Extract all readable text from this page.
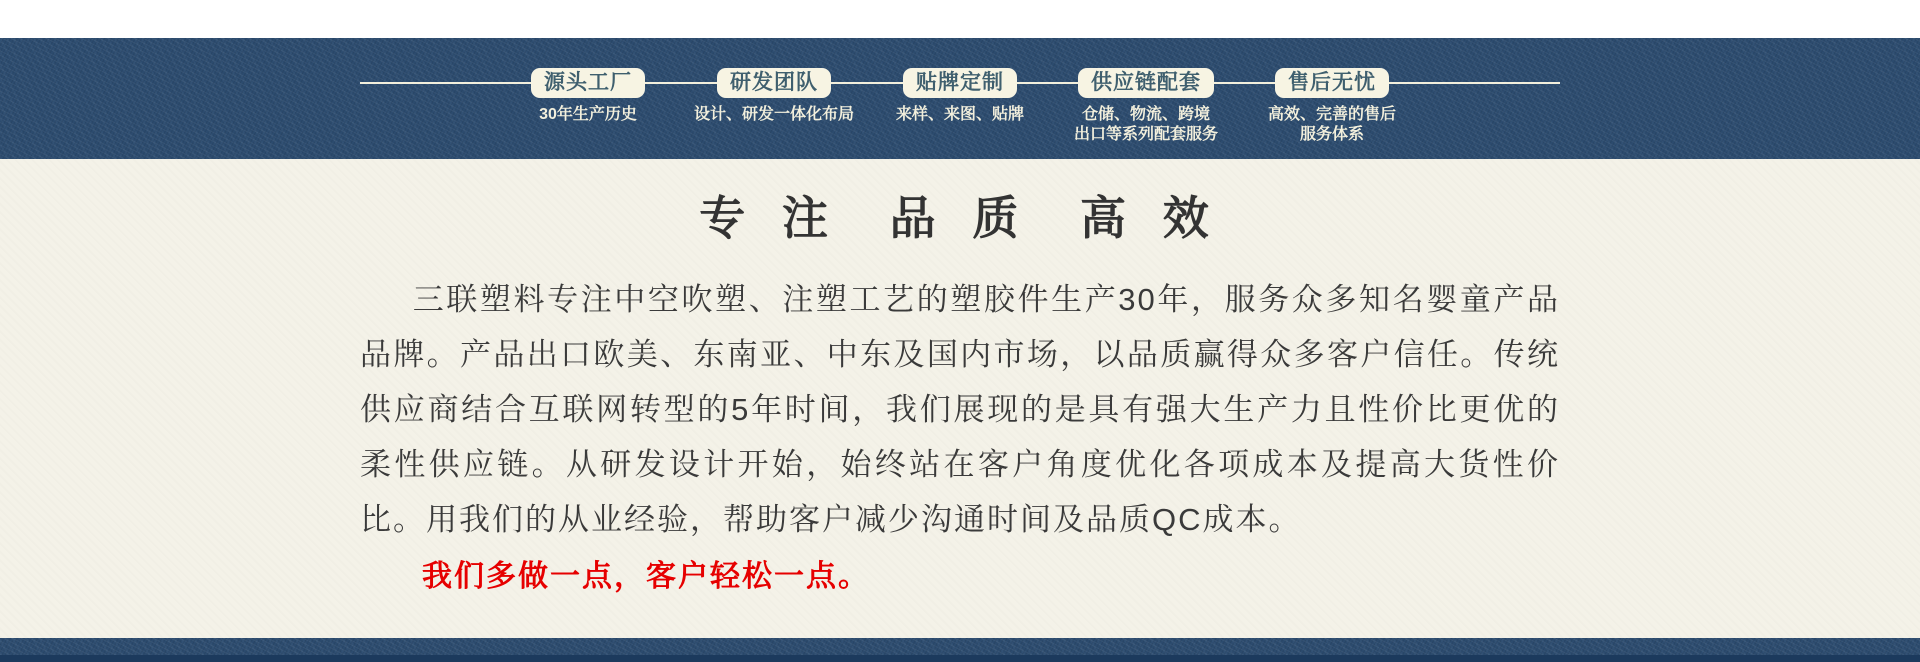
源头工厂
30年生产历史
研发团队
设计、研发一体化布局
贴牌定制
来样、来图、贴牌
供应链配套
仓储、物流、跨境
出口等系列配套服务
售后无忧
高效、完善的售后
服务体系
专 注  品 质  高 效

三联塑料专注中空吹塑、注塑工艺的塑胶件生产30年，服务众多知名婴童产品品牌。产品出口欧美、东南亚、中东及国内市场，以品质赢得众多客户信任。传统供应商结合互联网转型的5年时间，我们展现的是具有强大生产力且性价比更优的柔性供应链。从研发设计开始，始终站在客户角度优化各项成本及提高大货性价比。用我们的从业经验，帮助客户减少沟通时间及品质QC成本。

我们多做一点，客户轻松一点。
